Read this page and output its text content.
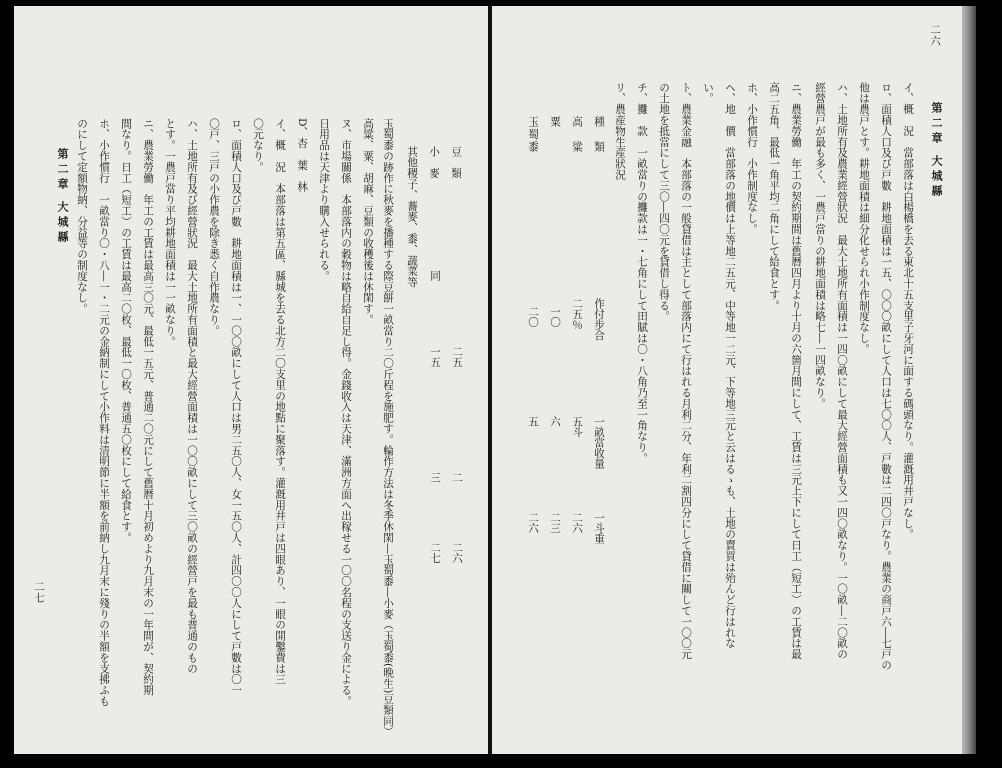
二七
第二章 大城縣	豆　類
二五
二
二六
小　麥
同
一五
三
二七
其他稷子、蕎麥、黍、蔬菜等
玉蜀黍の跡作に秋麥を播種する際豆餅一畝當り二〇斤程を施肥す。輪作方法は冬季休閑―玉蜀黍―小麥（玉蜀黍(晩生)豆類同）
高粱、粟、胡麻、豆類の收穫後は休閑す。
ヌ、市場關係　本部落内の穀物は略自給自足し得。金錢收入は天津、滿洲方面へ出稼せる一〇〇名程の支送り金による。
日用品は天津より購入せられる。
D、杏　葉　林
イ、概　況　本部落は第五區、縣城を去る北方二〇支里の地點に聚落す。灌漑用井戸は四眼あり、一眼の開鑿費は三
〇元なり。
ロ、面積人口及び戸數　耕地面積は一、一〇〇畝にして人口は男二五〇人、女一五〇人、計四〇〇人にして戸數は〇一
〇戸、三戸の小作農を除き悉く自作農なり。
ハ、土地所有及び經營狀況　最大土地所有面積と最大經營面積は一〇〇畝にして三〇畝の經營戸を最も普通のもの
とす。一農戸當り平均耕地面積は一一畝なり。
ニ、農業勞働　年工の工賃は最高三〇元、最低一五元、普通二〇元にして舊暦十月初めより九月末の一年間が、契約期
間なり。日工（短工）の工賃は最高二〇枚、最低一〇枚、普通五〇枚にして給食とす。
ホ、小作慣行　一畝當り〇・八―一・二元の金納制にして小作料は清明節に半額を前納し九月末に殘りの半額を支拂ふも
のにして定額物納、分益等の制度なし。
二六
第二章 大城縣
イ、概　況　當部落は白楊橋を去る東北十五支里子牙河に面する碼頭なり。灌漑用井戸なし。
ロ、面積人口及び戸數　耕地面積は一五、〇〇〇畝にして人口は七〇〇人、戸數は二四〇戸なり。農業の商戸六―七戸の
他は農戸とす。耕地面積は細分化せられ小作制度なし。
ハ、土地所有及農業經營狀況　最大土地所有面積は一四〇畝にして最大經營面積も又一四〇畝なり。一〇畝―二〇畝の
經營農戸が最も多く、一農戸當りの耕地面積は略七―一四畝なり。
ニ、農業勞働　年工の契約期間は舊暦四月より十月の六箇月間にして、工賃は三元上下にして日工（短工）の工賃は最
高二五角、最低一角平均二角にして給食とす。
ホ、小作慣行　小作制度なし。
ヘ、地　價　當部落の地價は上等地二五元、中等地一二元、下等地三元と云はるゝも、土地の賣買は殆んど行はれな
い。
ト、農業金融　本部落の一般貸借は主として部落内にて行はれる月利二分、年利二割四分にして貸借に關して一〇〇元
の土地を抵當にして三〇―四〇元を貸借し得る。
チ、攤　款　一畝當りの攤款は一・七角にして田賦は〇・八角乃至一角なり。
リ、農産物生産狀況
種　類
作付步合
一畝當收量
一斗重
高　粱
二五％
五斗
二六
粟
一〇
六
二三
玉蜀黍
二〇
五
二六
